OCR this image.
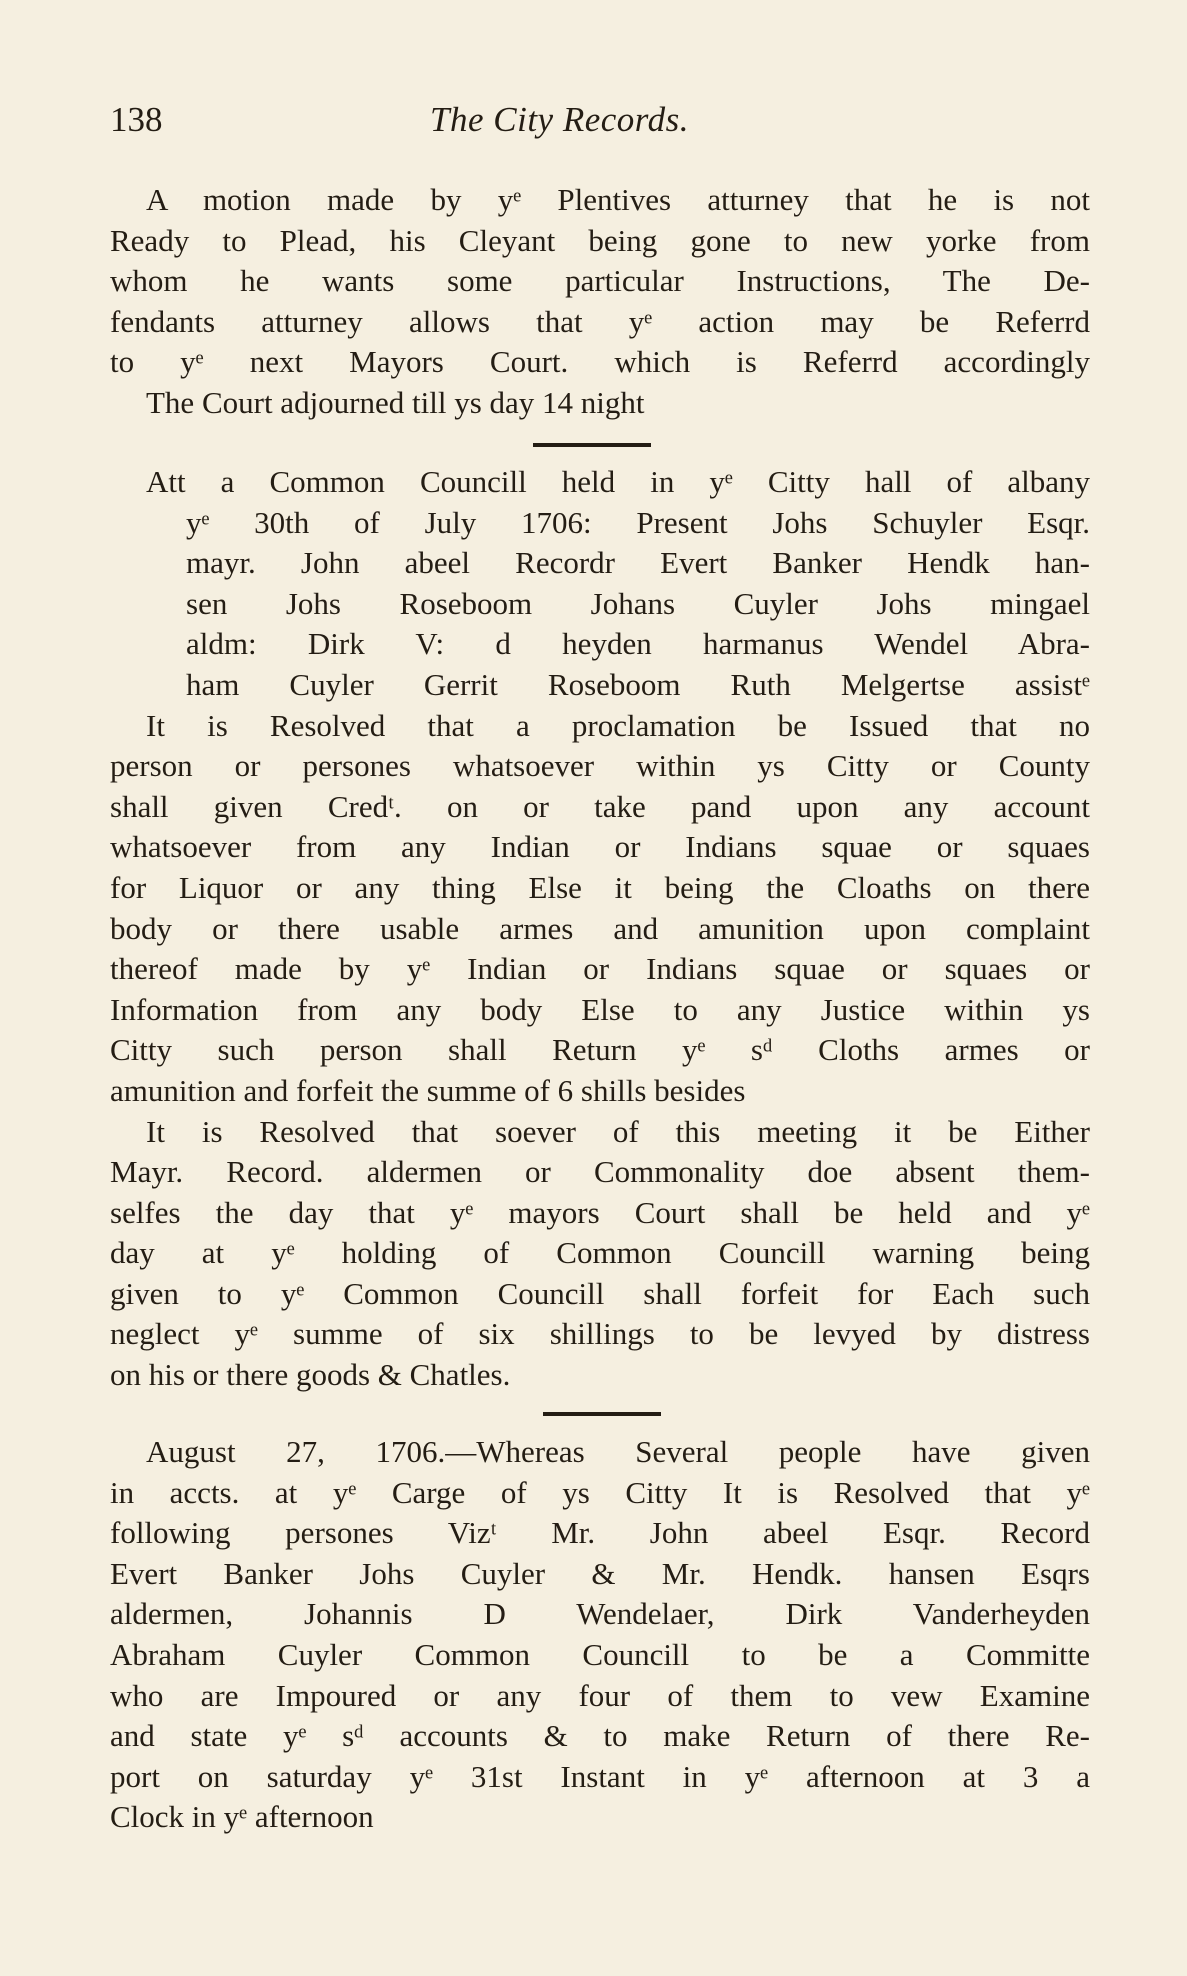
138	The City Records.
A motion made by yᵉ Plentives atturney that he is not
Ready to Plead, his Cleyant being gone to new yorke from
whom he wants some particular Instructions, The De-
fendants atturney allows that yᵉ action may be Referrd
to yᵉ next Mayors Court. which is Referrd accordingly
The Court adjourned till ys day 14 night
Att a Common Councill held in yᵉ Citty hall of albany
yᵉ 30th of July 1706: Present Johs Schuyler Esqr.
mayr. John abeel Recordr Evert Banker Hendk han-
sen Johs Roseboom Johans Cuyler Johs mingael
aldm: Dirk V: d heyden harmanus Wendel Abra-
ham Cuyler Gerrit Roseboom Ruth Melgertse assistᵉ
It is Resolved that a proclamation be Issued that no
person or persones whatsoever within ys Citty or County
shall given Credᵗ. on or take pand upon any account
whatsoever from any Indian or Indians squae or squaes
for Liquor or any thing Else it being the Cloaths on there
body or there usable armes and amunition upon complaint
thereof made by yᵉ Indian or Indians squae or squaes or
Information from any body Else to any Justice within ys
Citty such person shall Return yᵉ sᵈ Cloths armes or
amunition and forfeit the summe of 6 shills besides
It is Resolved that soever of this meeting it be Either
Mayr. Record. aldermen or Commonality doe absent them-
selfes the day that yᵉ mayors Court shall be held and yᵉ
day at yᵉ holding of Common Councill warning being
given to yᵉ Common Councill shall forfeit for Each such
neglect yᵉ summe of six shillings to be levyed by distress
on his or there goods & Chatles.
August 27, 1706.—Whereas Several people have given
in accts. at yᵉ Carge of ys Citty It is Resolved that yᵉ
following persones Vizᵗ Mr. John abeel Esqr. Record
Evert Banker Johs Cuyler & Mr. Hendk. hansen Esqrs
aldermen, Johannis D Wendelaer, Dirk Vanderheyden
Abraham Cuyler Common Councill to be a Committe
who are Impoured or any four of them to vew Examine
and state yᵉ sᵈ accounts & to make Return of there Re-
port on saturday yᵉ 31st Instant in yᵉ afternoon at 3 a
Clock in yᵉ afternoon
